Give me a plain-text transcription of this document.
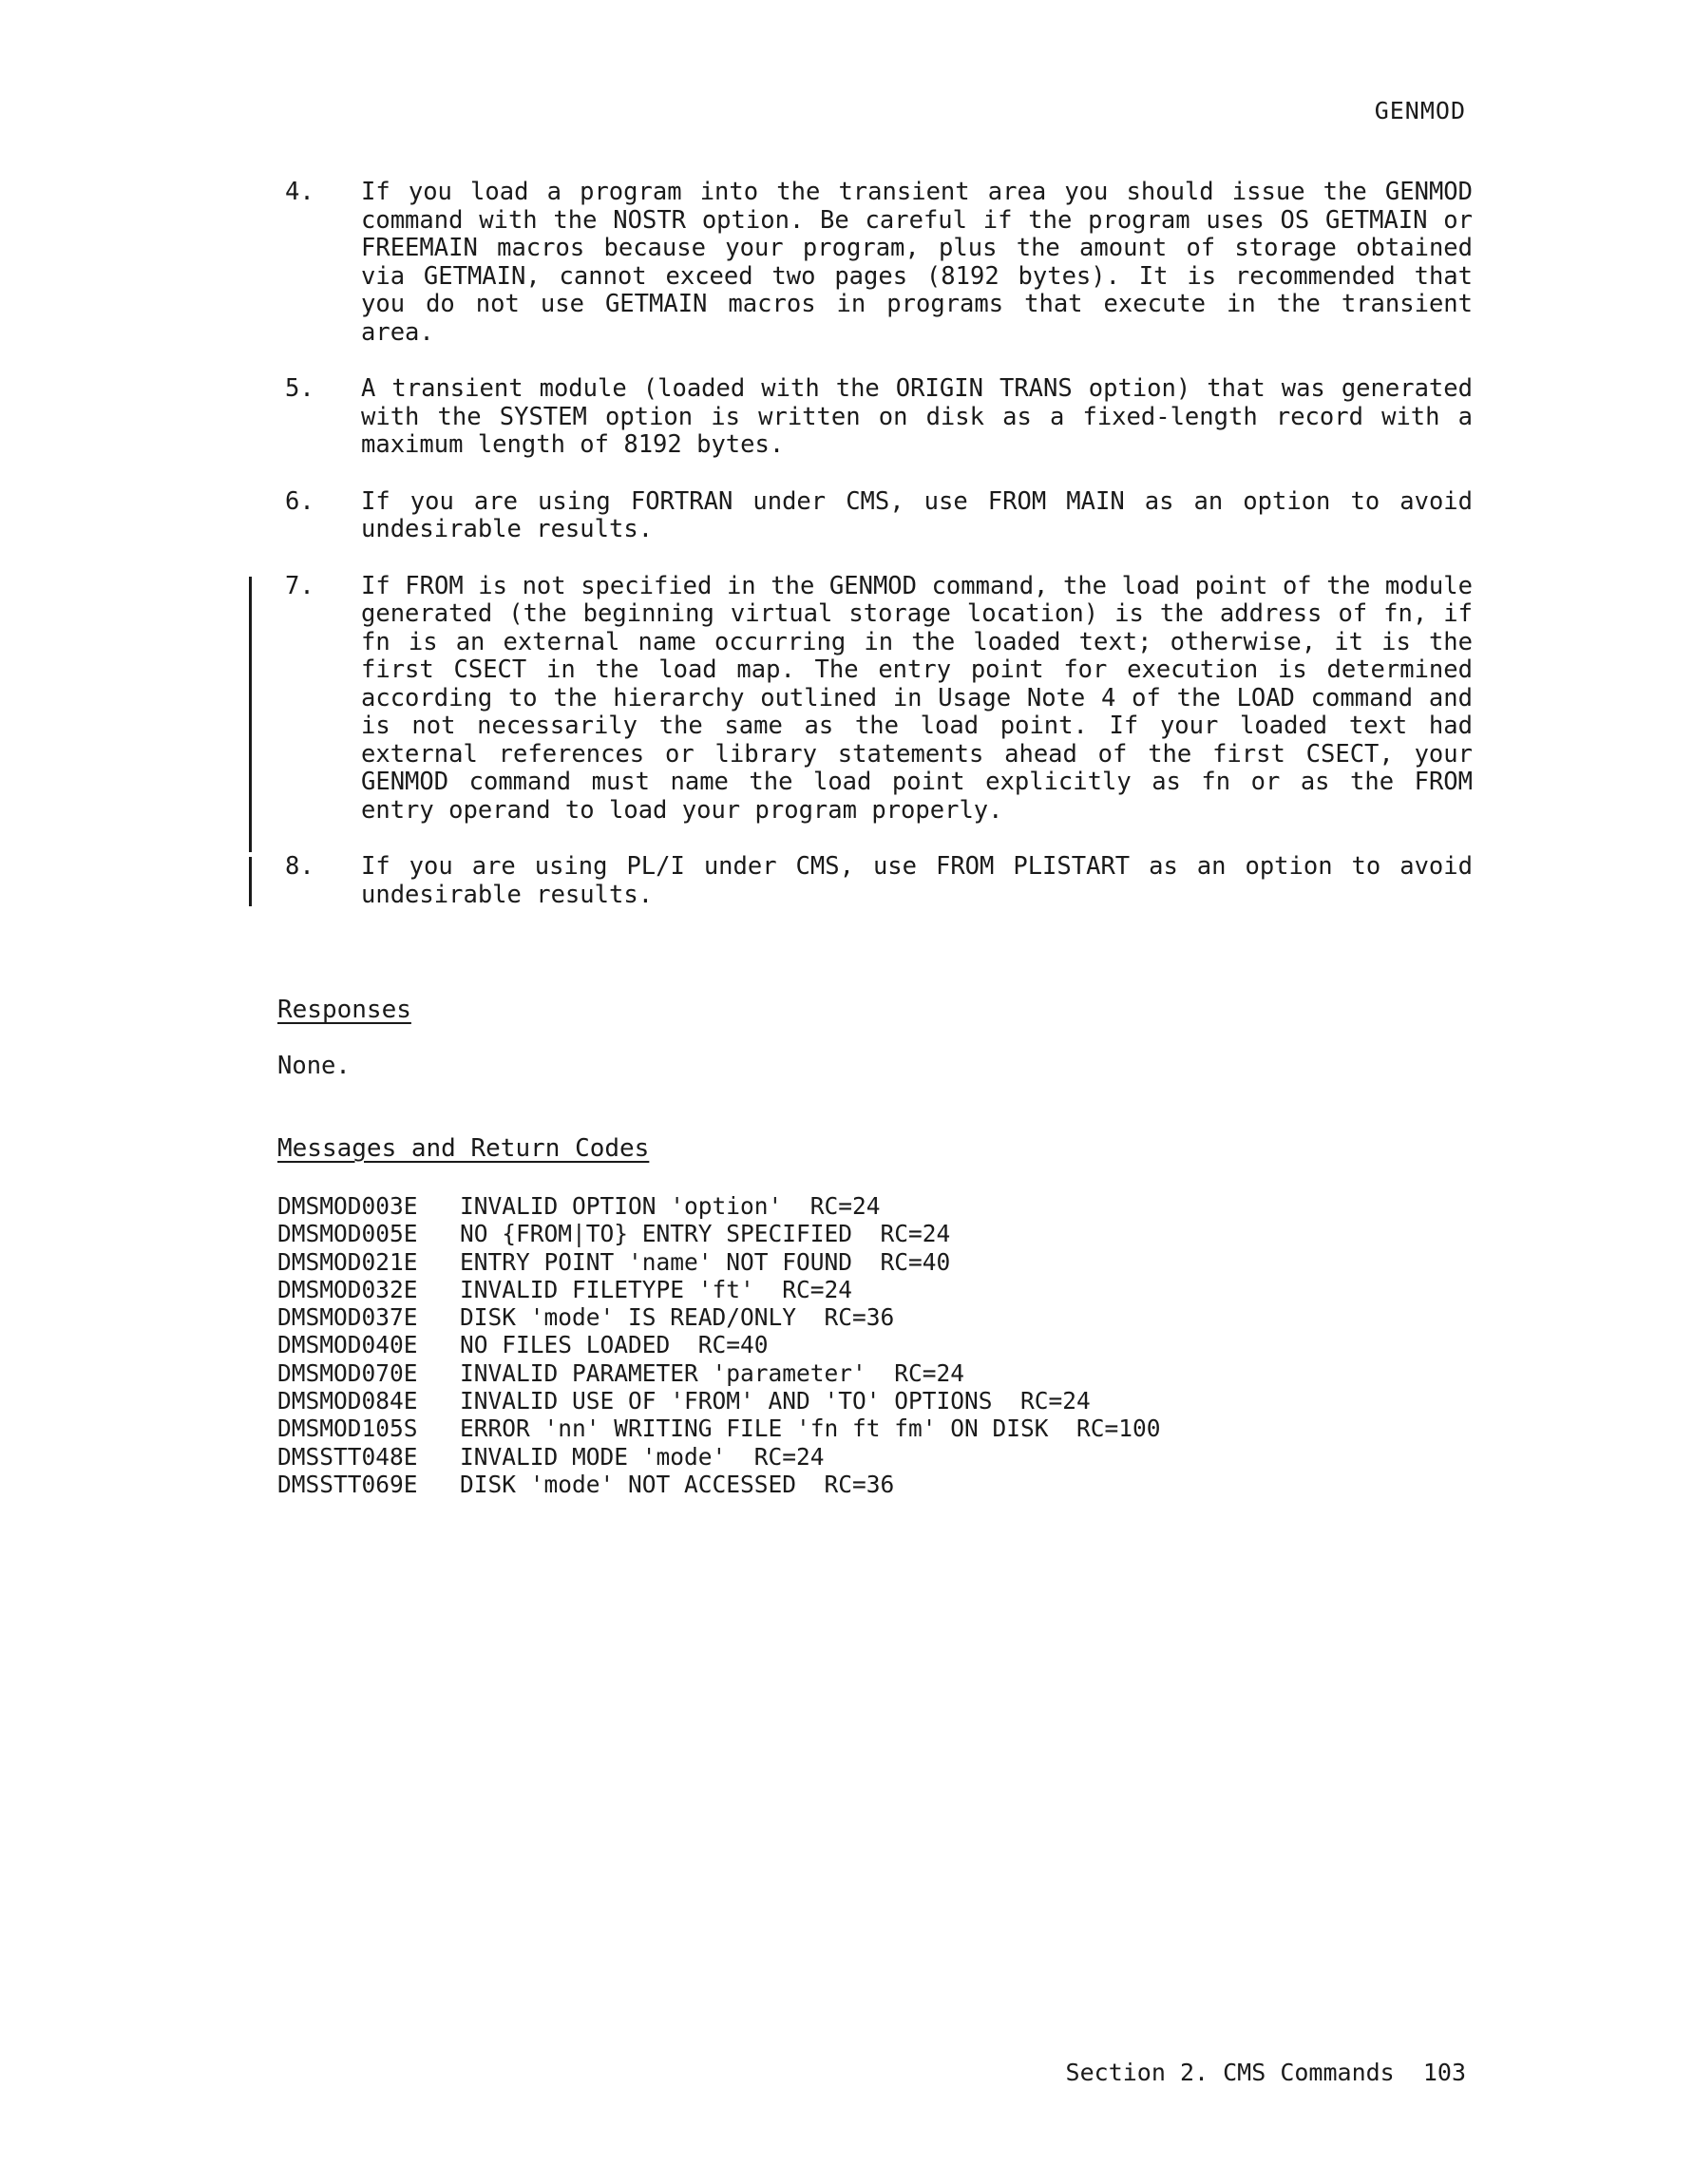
GENMOD
4.	If you load a program into the transient area you should issue the GENMOD command with the NOSTR option. Be careful if the program uses OS GETMAIN or FREEMAIN macros because your program, plus the amount of storage obtained via GETMAIN, cannot exceed two pages (8192 bytes). It is recommended that you do not use GETMAIN macros in programs that execute in the transient area.
5.	A transient module (loaded with the ORIGIN TRANS option) that was generated with the SYSTEM option is written on disk as a fixed-length record with a maximum length of 8192 bytes.
6.	If you are using FORTRAN under CMS, use FROM MAIN as an option to avoid undesirable results.
7.	If FROM is not specified in the GENMOD command, the load point of the module generated (the beginning virtual storage location) is the address of fn, if fn is an external name occurring in the loaded text; otherwise, it is the first CSECT in the load map. The entry point for execution is determined according to the hierarchy outlined in Usage Note 4 of the LOAD command and is not necessarily the same as the load point. If your loaded text had external references or library statements ahead of the first CSECT, your GENMOD command must name the load point explicitly as fn or as the FROM entry operand to load your program properly.
8.	If you are using PL/I under CMS, use FROM PLISTART as an option to avoid undesirable results.
Responses
None.
Messages and Return Codes
DMSMOD003E	INVALID OPTION 'option'  RC=24
DMSMOD005E	NO {FROM|TO} ENTRY SPECIFIED  RC=24
DMSMOD021E	ENTRY POINT 'name' NOT FOUND  RC=40
DMSMOD032E	INVALID FILETYPE 'ft'  RC=24
DMSMOD037E	DISK 'mode' IS READ/ONLY  RC=36
DMSMOD040E	NO FILES LOADED  RC=40
DMSMOD070E	INVALID PARAMETER 'parameter'  RC=24
DMSMOD084E	INVALID USE OF 'FROM' AND 'TO' OPTIONS  RC=24
DMSMOD105S	ERROR 'nn' WRITING FILE 'fn ft fm' ON DISK  RC=100
DMSSTT048E	INVALID MODE 'mode'  RC=24
DMSSTT069E	DISK 'mode' NOT ACCESSED  RC=36
Section 2. CMS Commands 103
